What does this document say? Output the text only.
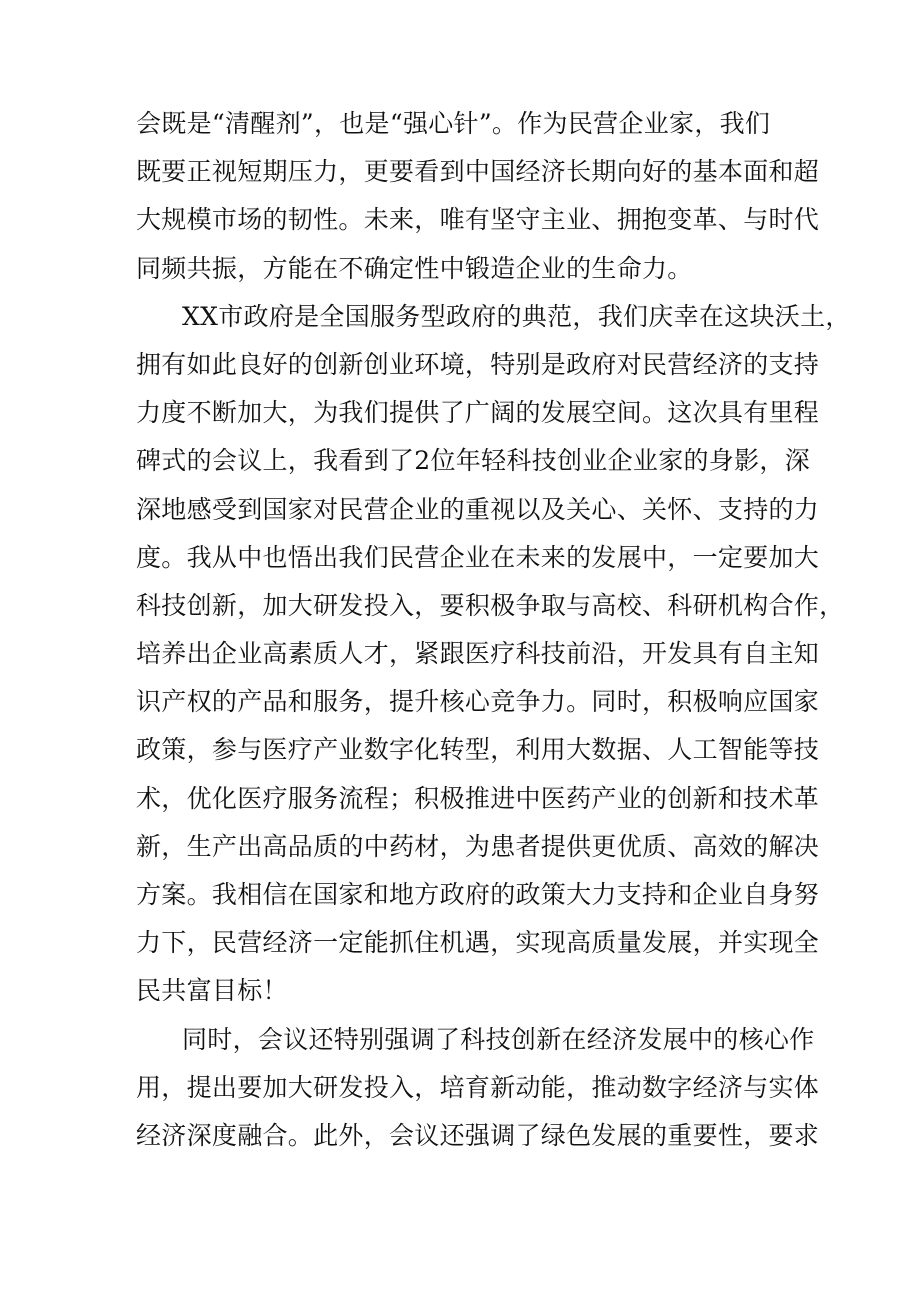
会既是“清醒剂”，也是“强心针”。作为民营企业家，我们
既要正视短期压力，更要看到中国经济长期向好的基本面和超
大规模市场的韧性。未来，唯有坚守主业、拥抱变革、与时代
同频共振，方能在不确定性中锻造企业的生命力。
XX市政府是全国服务型政府的典范，我们庆幸在这块沃土，
拥有如此良好的创新创业环境，特别是政府对民营经济的支持
力度不断加大，为我们提供了广阔的发展空间。这次具有里程
碑式的会议上，我看到了2位年轻科技创业企业家的身影，深
深地感受到国家对民营企业的重视以及关心、关怀、支持的力
度。我从中也悟出我们民营企业在未来的发展中，一定要加大
科技创新，加大研发投入，要积极争取与高校、科研机构合作，
培养出企业高素质人才，紧跟医疗科技前沿，开发具有自主知
识产权的产品和服务，提升核心竞争力。同时，积极响应国家
政策，参与医疗产业数字化转型，利用大数据、人工智能等技
术，优化医疗服务流程；积极推进中医药产业的创新和技术革
新，生产出高品质的中药材，为患者提供更优质、高效的解决
方案。我相信在国家和地方政府的政策大力支持和企业自身努
力下，民营经济一定能抓住机遇，实现高质量发展，并实现全
民共富目标！
同时，会议还特别强调了科技创新在经济发展中的核心作
用，提出要加大研发投入，培育新动能，推动数字经济与实体
经济深度融合。此外，会议还强调了绿色发展的重要性，要求
